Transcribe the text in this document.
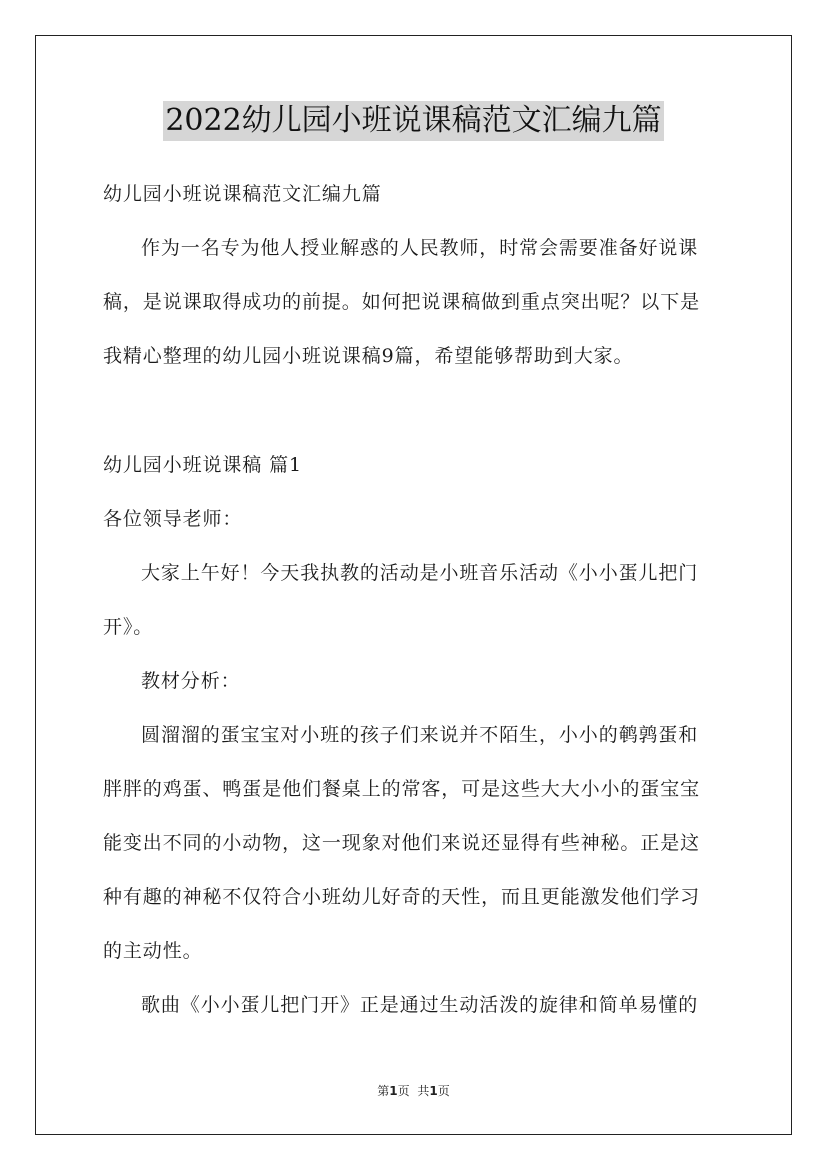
2022幼儿园小班说课稿范文汇编九篇
幼儿园小班说课稿范文汇编九篇
作为一名专为他人授业解惑的人民教师，时常会需要准备好说课
稿，是说课取得成功的前提。如何把说课稿做到重点突出呢？以下是
我精心整理的幼儿园小班说课稿9篇，希望能够帮助到大家。
幼儿园小班说课稿 篇1
各位领导老师：
大家上午好！今天我执教的活动是小班音乐活动《小小蛋儿把门
开》。
教材分析：
圆溜溜的蛋宝宝对小班的孩子们来说并不陌生，小小的鹌鹑蛋和
胖胖的鸡蛋、鸭蛋是他们餐桌上的常客，可是这些大大小小的蛋宝宝
能变出不同的小动物，这一现象对他们来说还显得有些神秘。正是这
种有趣的神秘不仅符合小班幼儿好奇的天性，而且更能激发他们学习
的主动性。
歌曲《小小蛋儿把门开》正是通过生动活泼的旋律和简单易懂的
第1页 共1页
